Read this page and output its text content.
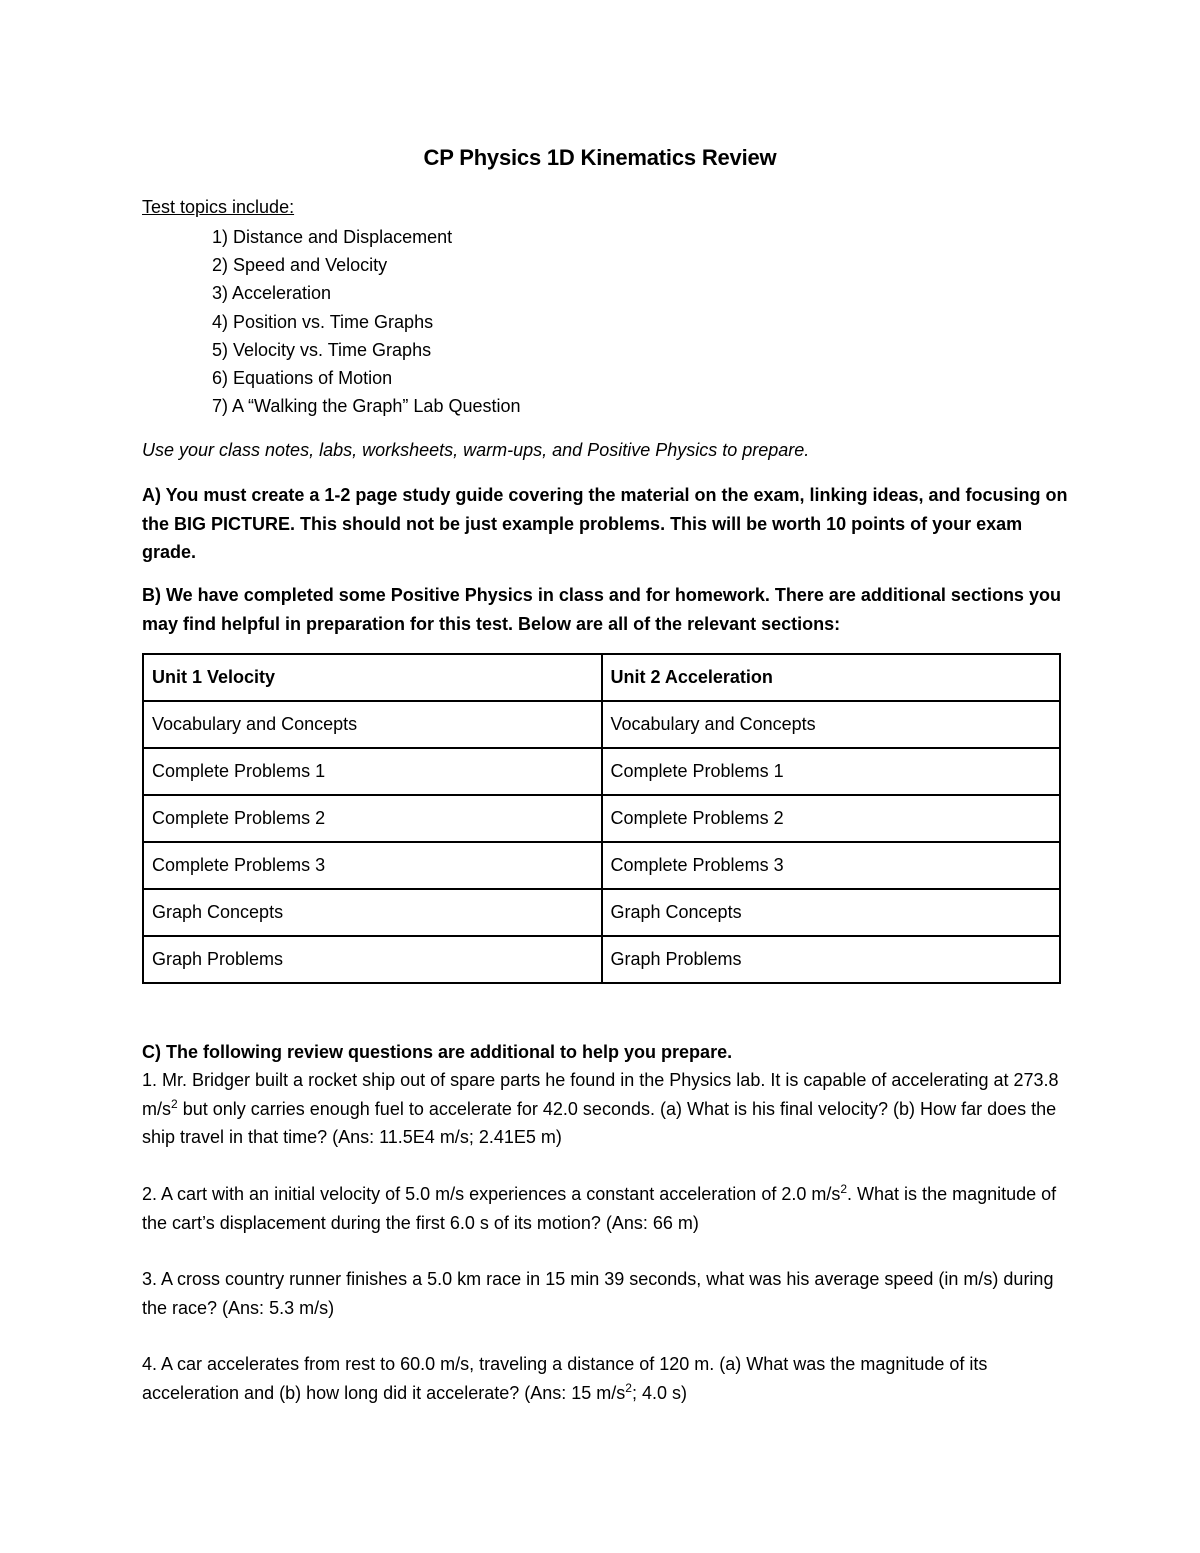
CP Physics 1D Kinematics Review
Test topics include:
1) Distance and Displacement
2) Speed and Velocity
3) Acceleration
4) Position vs. Time Graphs
5) Velocity vs. Time Graphs
6) Equations of Motion
7) A “Walking the Graph” Lab Question
Use your class notes, labs, worksheets, warm-ups, and Positive Physics to prepare.
A) You must create a 1-2 page study guide covering the material on the exam, linking ideas, and focusing on the BIG PICTURE. This should not be just example problems. This will be worth 10 points of your exam grade.
B) We have completed some Positive Physics in class and for homework. There are additional sections you may find helpful in preparation for this test. Below are all of the relevant sections:
Unit 1 Velocity	Unit 2 Acceleration
Vocabulary and Concepts	Vocabulary and Concepts
Complete Problems 1	Complete Problems 1
Complete Problems 2	Complete Problems 2
Complete Problems 3	Complete Problems 3
Graph Concepts	Graph Concepts
Graph Problems	Graph Problems
C) The following review questions are additional to help you prepare.
1. Mr. Bridger built a rocket ship out of spare parts he found in the Physics lab. It is capable of accelerating at 273.8 $m/s^2$ but only carries enough fuel to accelerate for 42.0 seconds. (a) What is his final velocity? (b) How far does the ship travel in that time? (Ans: 11.5E4 m/s; 2.41E5 m)
2. A cart with an initial velocity of 5.0 m/s experiences a constant acceleration of 2.0 $m/s^2$. What is the magnitude of the cart’s displacement during the first 6.0 s of its motion? (Ans: 66 m)
3. A cross country runner finishes a 5.0 km race in 15 min 39 seconds, what was his average speed (in m/s) during the race? (Ans: 5.3 m/s)
4. A car accelerates from rest to 60.0 m/s, traveling a distance of 120 m. (a) What was the magnitude of its acceleration and (b) how long did it accelerate? (Ans: 15 $m/s^2$; 4.0 s)
